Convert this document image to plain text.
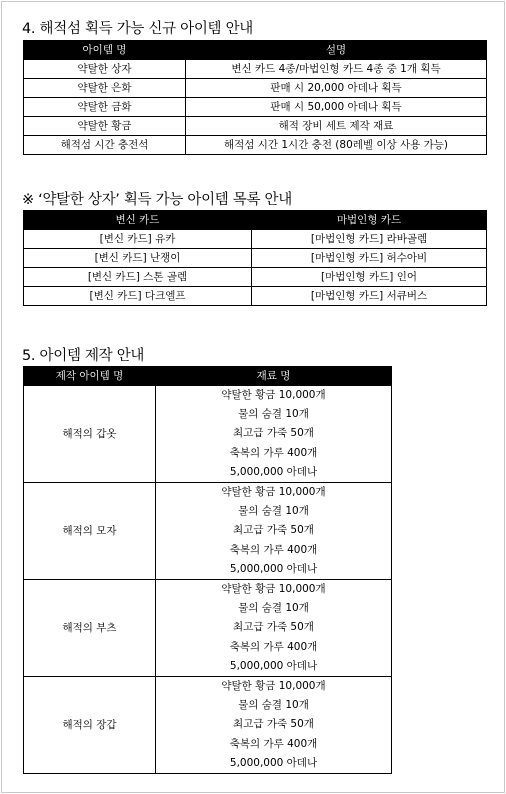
4. 해적섬 획득 가능 신규 아이템 안내
아이템 명	설명
약탈한 상자	변신 카드 4종/마법인형 카드 4종 중 1개 획득
약탈한 은화	판매 시 20,000 아데나 획득
약탈한 금화	판매 시 50,000 아데나 획득
약탈한 황금	해적 장비 세트 제작 재료
해적섬 시간 충전석	해적섬 시간 1시간 충전 (80레벨 이상 사용 가능)
※ ‘약탈한 상자’ 획득 가능 아이템 목록 안내
변신 카드	마법인형 카드
[변신 카드] 유카	[마법인형 카드] 라바골렘
[변신 카드] 난쟁이	[마법인형 카드] 허수아비
[변신 카드] 스톤 골렘	[마법인형 카드] 인어
[변신 카드] 다크엘프	[마법인형 카드] 서큐버스
5. 아이템 제작 안내
제작 아이템 명	재료 명
해적의 갑옷	약탈한 황금 10,000개
물의 숨결 10개
최고급 가죽 50개
축복의 가루 400개
5,000,000 아데나

해적의 모자	약탈한 황금 10,000개
물의 숨결 10개
최고급 가죽 50개
축복의 가루 400개
5,000,000 아데나

해적의 부츠	약탈한 황금 10,000개
물의 숨결 10개
최고급 가죽 50개
축복의 가루 400개
5,000,000 아데나

해적의 장갑	약탈한 황금 10,000개
물의 숨결 10개
최고급 가죽 50개
축복의 가루 400개
5,000,000 아데나
